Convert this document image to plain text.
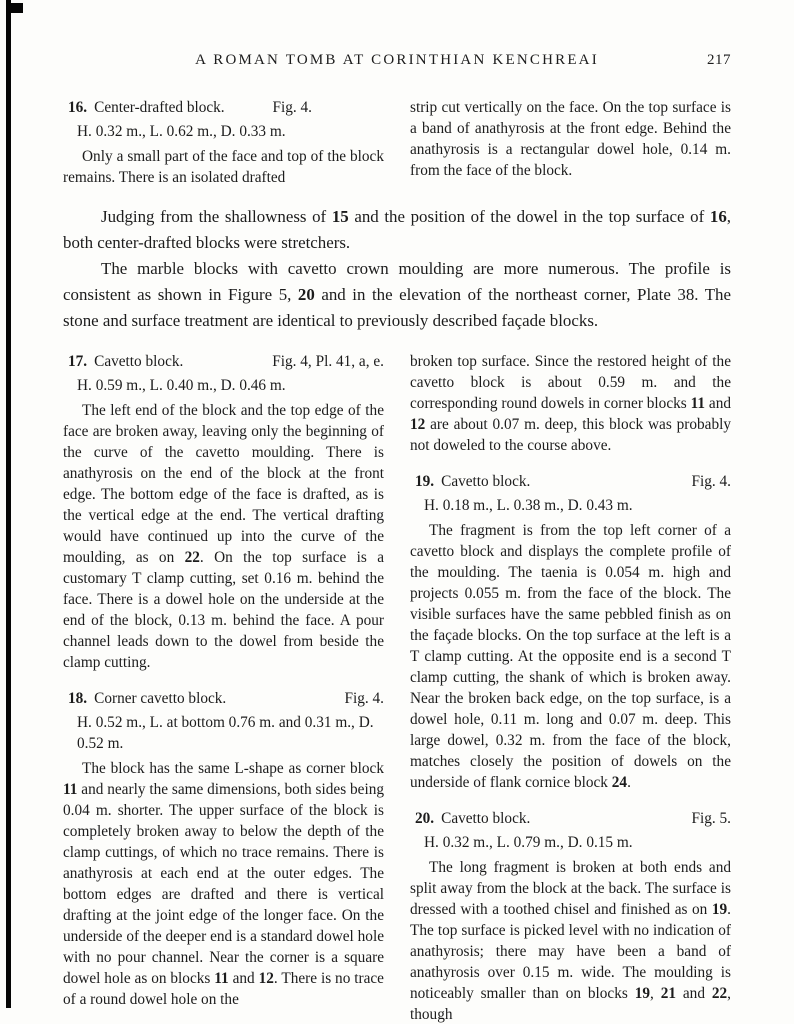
A ROMAN TOMB AT CORINTHIAN KENCHREAI	217
16. Center-drafted block.	Fig. 4.

H. 0.32 m., L. 0.62 m., D. 0.33 m.

Only a small part of the face and top of the block remains. There is an isolated drafted

strip cut vertically on the face. On the top surface is a band of anathyrosis at the front edge. Behind the anathyrosis is a rectangular dowel hole, 0.14 m. from the face of the block.

Judging from the shallowness of 15 and the position of the dowel in the top surface of 16, both center-drafted blocks were stretchers.

The marble blocks with cavetto crown moulding are more numerous. The profile is consistent as shown in Figure 5, 20 and in the elevation of the northeast corner, Plate 38. The stone and surface treatment are identical to previously described façade blocks.

17. Cavetto block.	Fig. 4, Pl. 41, a, e.

H. 0.59 m., L. 0.40 m., D. 0.46 m.

The left end of the block and the top edge of the face are broken away, leaving only the beginning of the curve of the cavetto moulding. There is anathyrosis on the end of the block at the front edge. The bottom edge of the face is drafted, as is the vertical edge at the end. The vertical drafting would have continued up into the curve of the moulding, as on 22. On the top surface is a customary T clamp cutting, set 0.16 m. behind the face. There is a dowel hole on the underside at the end of the block, 0.13 m. behind the face. A pour channel leads down to the dowel from beside the clamp cutting.

18. Corner cavetto block.	Fig. 4.

H. 0.52 m., L. at bottom 0.76 m. and 0.31 m., D. 0.52 m.

The block has the same L-shape as corner block 11 and nearly the same dimensions, both sides being 0.04 m. shorter. The upper surface of the block is completely broken away to below the depth of the clamp cuttings, of which no trace remains. There is anathyrosis at each end at the outer edges. The bottom edges are drafted and there is vertical drafting at the joint edge of the longer face. On the underside of the deeper end is a standard dowel hole with no pour channel. Near the corner is a square dowel hole as on blocks 11 and 12. There is no trace of a round dowel hole on the

broken top surface. Since the restored height of the cavetto block is about 0.59 m. and the corresponding round dowels in corner blocks 11 and 12 are about 0.07 m. deep, this block was probably not doweled to the course above.

19. Cavetto block.	Fig. 4.

H. 0.18 m., L. 0.38 m., D. 0.43 m.

The fragment is from the top left corner of a cavetto block and displays the complete profile of the moulding. The taenia is 0.054 m. high and projects 0.055 m. from the face of the block. The visible surfaces have the same pebbled finish as on the façade blocks. On the top surface at the left is a T clamp cutting. At the opposite end is a second T clamp cutting, the shank of which is broken away. Near the broken back edge, on the top surface, is a dowel hole, 0.11 m. long and 0.07 m. deep. This large dowel, 0.32 m. from the face of the block, matches closely the position of dowels on the underside of flank cornice block 24.

20. Cavetto block.	Fig. 5.

H. 0.32 m., L. 0.79 m., D. 0.15 m.

The long fragment is broken at both ends and split away from the block at the back. The surface is dressed with a toothed chisel and finished as on 19. The top surface is picked level with no indication of anathyrosis; there may have been a band of anathyrosis over 0.15 m. wide. The moulding is noticeably smaller than on blocks 19, 21 and 22, though
